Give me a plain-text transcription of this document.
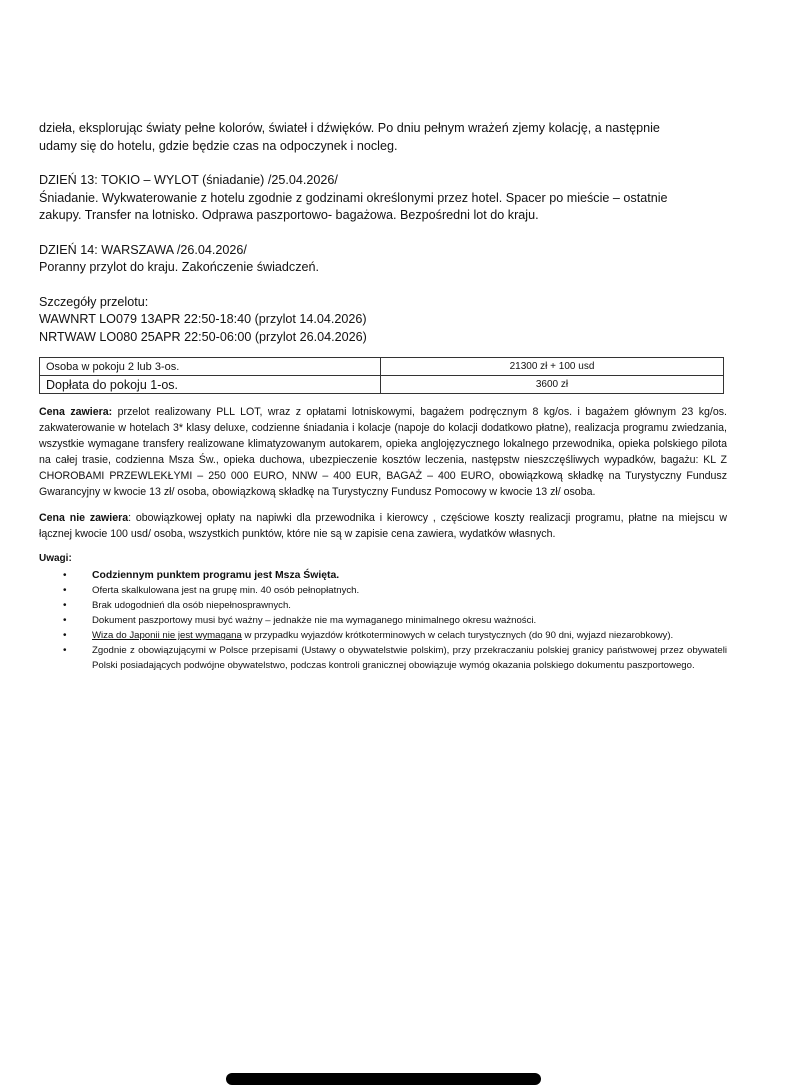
dzieła, eksplorując światy pełne kolorów, świateł i dźwięków. Po dniu pełnym wrażeń zjemy kolację, a następnie

udamy się do hotelu, gdzie będzie czas na odpoczynek i nocleg.

DZIEŃ 13: TOKIO – WYLOT (śniadanie) /25.04.2026/

Śniadanie. Wykwaterowanie z hotelu zgodnie z godzinami określonymi przez hotel. Spacer po mieście – ostatnie

zakupy. Transfer na lotnisko. Odprawa paszportowo- bagażowa. Bezpośredni lot do kraju.

DZIEŃ 14: WARSZAWA /26.04.2026/

Poranny przylot do kraju. Zakończenie świadczeń.

Szczegóły przelotu:

WAWNRT LO079 13APR 22:50-18:40 (przylot 14.04.2026)

NRTWAW LO080 25APR 22:50-06:00 (przylot 26.04.2026)

Osoba w pokoju 2 lub 3-os.	21300 zł + 100 usd
Dopłata do pokoju 1-os.	3600 zł

Cena zawiera: przelot realizowany PLL LOT, wraz z opłatami lotniskowymi, bagażem podręcznym 8 kg/os. i bagażem głównym 23 kg/os. zakwaterowanie w hotelach 3* klasy deluxe, codzienne śniadania i kolacje (napoje do kolacji dodatkowo płatne), realizacja programu zwiedzania, wszystkie wymagane transfery realizowane klimatyzowanym autokarem, opieka anglojęzycznego lokalnego przewodnika, opieka polskiego pilota na całej trasie, codzienna Msza Św., opieka duchowa, ubezpieczenie kosztów leczenia, następstw nieszczęśliwych wypadków, bagażu: KL Z CHOROBAMI PRZEWLEKŁYMI – 250 000 EURO, NNW – 400 EUR, BAGAŻ – 400 EURO, obowiązkową składkę na Turystyczny Fundusz Gwarancyjny w kwocie 13 zł/ osoba, obowiązkową składkę na Turystyczny Fundusz Pomocowy w kwocie 13 zł/ osoba.

Cena nie zawiera: obowiązkowej opłaty na napiwki dla przewodnika i kierowcy , częściowe koszty realizacji programu, płatne na miejscu w łącznej kwocie 100 usd/ osoba, wszystkich punktów, które nie są w zapisie cena zawiera, wydatków własnych.

Uwagi:

• Codziennym punktem programu jest Msza Święta.
•	Oferta skalkulowana jest na grupę min. 40 osób pełnopłatnych.
•	Brak udogodnień dla osób niepełnosprawnych.
•	Dokument paszportowy musi być ważny – jednakże nie ma wymaganego minimalnego okresu ważności.
•	Wiza do Japonii nie jest wymagana w przypadku wyjazdów krótkoterminowych w celach turystycznych (do 90 dni, wyjazd niezarobkowy).
•	Zgodnie z obowiązującymi w Polsce przepisami (Ustawy o obywatelstwie polskim), przy przekraczaniu polskiej granicy państwowej przez obywateli Polski posiadających podwójne obywatelstwo, podczas kontroli granicznej obowiązuje wymóg okazania polskiego dokumentu paszportowego.
